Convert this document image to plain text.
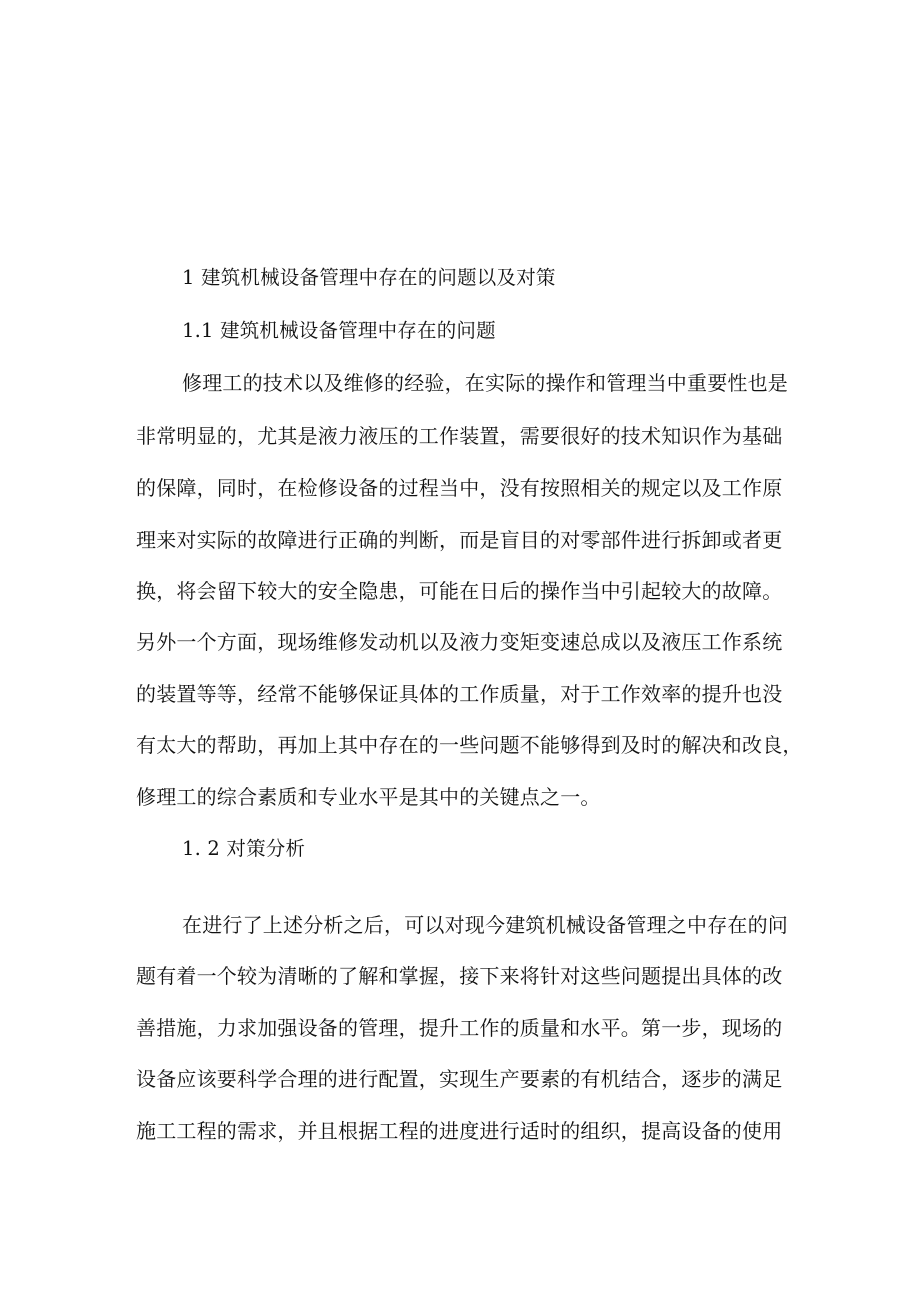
1 建筑机械设备管理中存在的问题以及对策
1.1 建筑机械设备管理中存在的问题
修理工的技术以及维修的经验，在实际的操作和管理当中重要性也是
非常明显的，尤其是液力液压的工作装置，需要很好的技术知识作为基础
的保障，同时，在检修设备的过程当中，没有按照相关的规定以及工作原
理来对实际的故障进行正确的判断，而是盲目的对零部件进行拆卸或者更
换，将会留下较大的安全隐患，可能在日后的操作当中引起较大的故障。
另外一个方面，现场维修发动机以及液力变矩变速总成以及液压工作系统
的装置等等，经常不能够保证具体的工作质量，对于工作效率的提升也没
有太大的帮助，再加上其中存在的一些问题不能够得到及时的解决和改良，
修理工的综合素质和专业水平是其中的关键点之一。
1. 2 对策分析
在进行了上述分析之后，可以对现今建筑机械设备管理之中存在的问
题有着一个较为清晰的了解和掌握，接下来将针对这些问题提出具体的改
善措施，力求加强设备的管理，提升工作的质量和水平。第一步，现场的
设备应该要科学合理的进行配置，实现生产要素的有机结合，逐步的满足
施工工程的需求，并且根据工程的进度进行适时的组织，提高设备的使用
